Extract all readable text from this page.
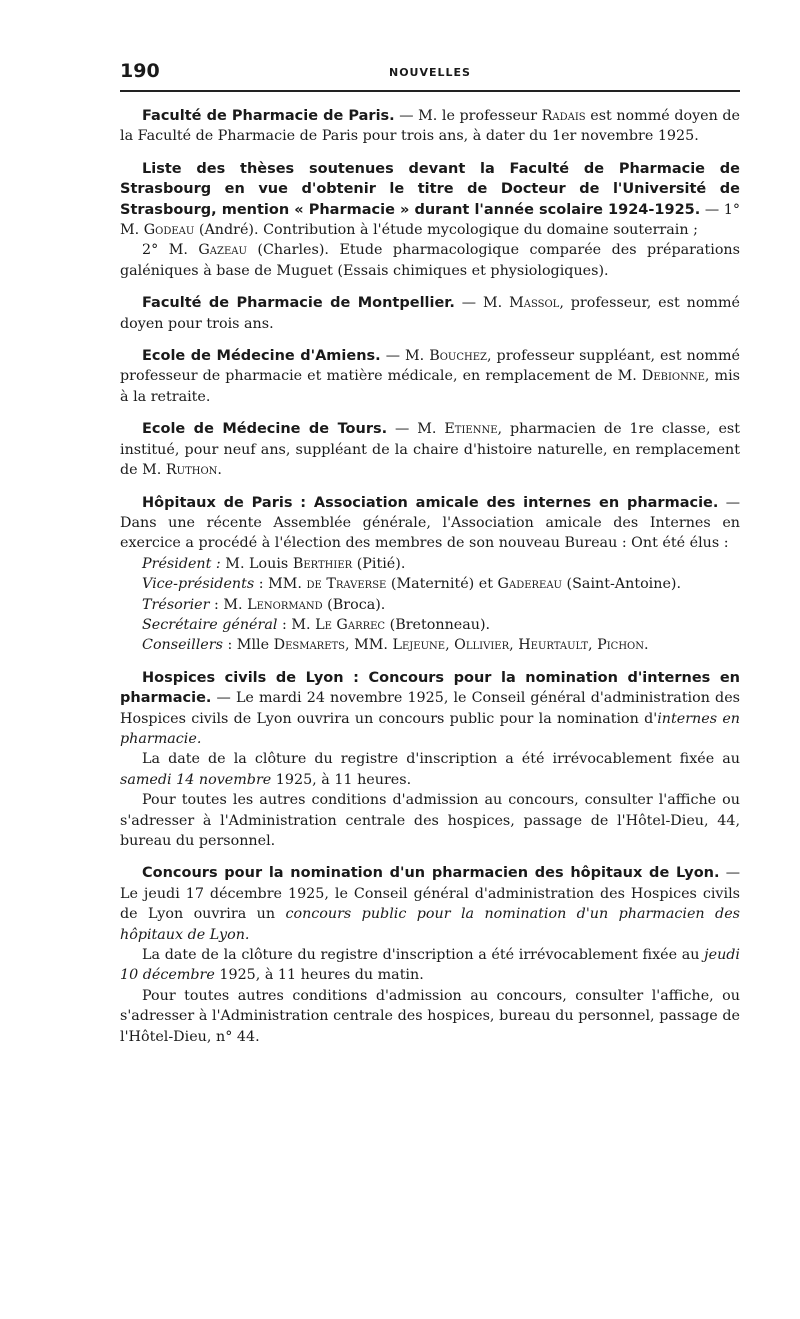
190	NOUVELLES

Faculté de Pharmacie de Paris. — M. le professeur Radais est nommé doyen de la Faculté de Pharmacie de Paris pour trois ans, à dater du 1er novembre 1925.

Liste des thèses soutenues devant la Faculté de Pharmacie de Strasbourg en vue d'obtenir le titre de Docteur de l'Université de Strasbourg, mention « Pharmacie » durant l'année scolaire 1924-1925. — 1° M. Godeau (André). Contribution à l'étude mycologique du domaine souterrain ;

2° M. Gazeau (Charles). Etude pharmacologique comparée des préparations galéniques à base de Muguet (Essais chimiques et physiologiques).

Faculté de Pharmacie de Montpellier. — M. Massol, professeur, est nommé doyen pour trois ans.

Ecole de Médecine d'Amiens. — M. Bouchez, professeur suppléant, est nommé professeur de pharmacie et matière médicale, en remplacement de M. Debionne, mis à la retraite.

Ecole de Médecine de Tours. — M. Etienne, pharmacien de 1re classe, est institué, pour neuf ans, suppléant de la chaire d'histoire naturelle, en remplacement de M. Ruthon.

Hôpitaux de Paris : Association amicale des internes en pharmacie. — Dans une récente Assemblée générale, l'Association amicale des Internes en exercice a procédé à l'élection des membres de son nouveau Bureau : Ont été élus :

Président : M. Louis Berthier (Pitié).
Vice-présidents : MM. de Traverse (Maternité) et Gadereau (Saint-Antoine).
Trésorier : M. Lenormand (Broca).
Secrétaire général : M. Le Garrec (Bretonneau).
Conseillers : Mlle Desmarets, MM. Lejeune, Ollivier, Heurtault, Pichon.

Hospices civils de Lyon : Concours pour la nomination d'internes en pharmacie. — Le mardi 24 novembre 1925, le Conseil général d'administration des Hospices civils de Lyon ouvrira un concours public pour la nomination d'internes en pharmacie.

La date de la clôture du registre d'inscription a été irrévocablement fixée au samedi 14 novembre 1925, à 11 heures.

Pour toutes les autres conditions d'admission au concours, consulter l'affiche ou s'adresser à l'Administration centrale des hospices, passage de l'Hôtel-Dieu, 44, bureau du personnel.

Concours pour la nomination d'un pharmacien des hôpitaux de Lyon. — Le jeudi 17 décembre 1925, le Conseil général d'administration des Hospices civils de Lyon ouvrira un concours public pour la nomination d'un pharmacien des hôpitaux de Lyon.

La date de la clôture du registre d'inscription a été irrévocablement fixée au jeudi 10 décembre 1925, à 11 heures du matin.

Pour toutes autres conditions d'admission au concours, consulter l'affiche, ou s'adresser à l'Administration centrale des hospices, bureau du personnel, passage de l'Hôtel-Dieu, n° 44.
